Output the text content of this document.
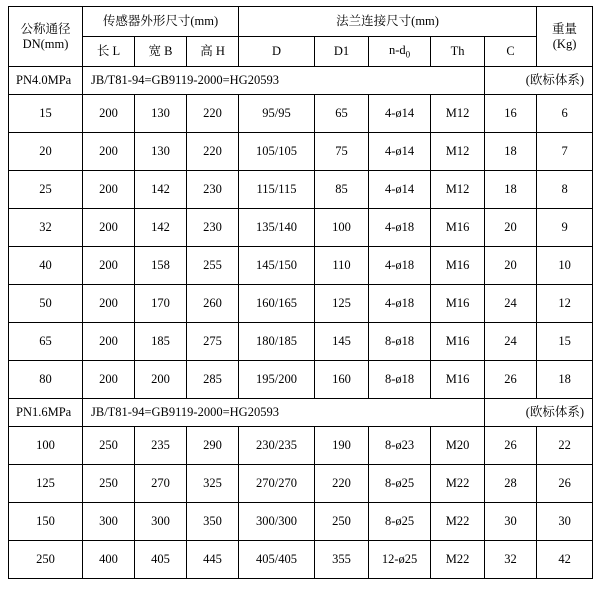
公称通径
DN(mm)	传感器外形尺寸(mm)			法兰连接尺寸(mm)					重量
(Kg)

	长 L	宽 B	高 H	D	D1	$n-d_0$	Th	C	
PN4.0MPa	JB/T81-94=GB9119-2000=HG20593							(欧标体系)	
15	200	130	220	95/95	65	4-ø14	M12	16	6
20	200	130	220	105/105	75	4-ø14	M12	18	7
25	200	142	230	115/115	85	4-ø14	M12	18	8
32	200	142	230	135/140	100	4-ø18	M16	20	9
40	200	158	255	145/150	110	4-ø18	M16	20	10
50	200	170	260	160/165	125	4-ø18	M16	24	12
65	200	185	275	180/185	145	8-ø18	M16	24	15
80	200	200	285	195/200	160	8-ø18	M16	26	18
PN1.6MPa	JB/T81-94=GB9119-2000=HG20593							(欧标体系)	
100	250	235	290	230/235	190	8-ø23	M20	26	22
125	250	270	325	270/270	220	8-ø25	M22	28	26
150	300	300	350	300/300	250	8-ø25	M22	30	30
250	400	405	445	405/405	355	12-ø25	M22	32	42
